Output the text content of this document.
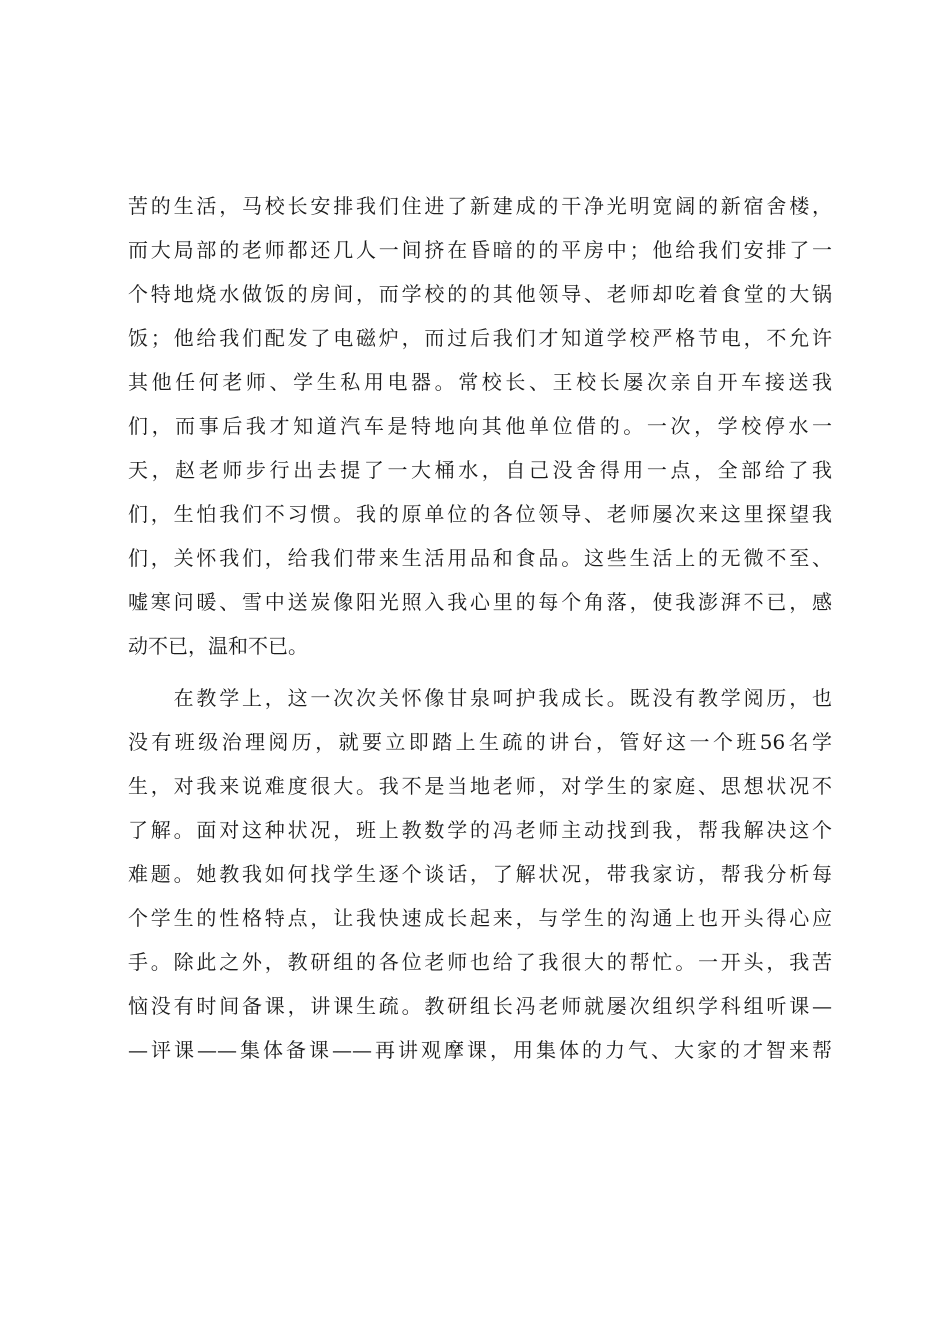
苦的生活，马校长安排我们住进了新建成的干净光明宽阔的新宿舍楼，
而大局部的老师都还几人一间挤在昏暗的的平房中；他给我们安排了一
个特地烧水做饭的房间，而学校的的其他领导、老师却吃着食堂的大锅
饭；他给我们配发了电磁炉，而过后我们才知道学校严格节电，不允许
其他任何老师、学生私用电器。常校长、王校长屡次亲自开车接送我
们，而事后我才知道汽车是特地向其他单位借的。一次，学校停水一
天，赵老师步行出去提了一大桶水，自己没舍得用一点，全部给了我
们，生怕我们不习惯。我的原单位的各位领导、老师屡次来这里探望我
们，关怀我们，给我们带来生活用品和食品。这些生活上的无微不至、
嘘寒问暖、雪中送炭像阳光照入我心里的每个角落，使我澎湃不已，感
动不已，温和不已。
　　在教学上，这一次次关怀像甘泉呵护我成长。既没有教学阅历，也
没有班级治理阅历，就要立即踏上生疏的讲台，管好这一个班56名学
生，对我来说难度很大。我不是当地老师，对学生的家庭、思想状况不
了解。面对这种状况，班上教数学的冯老师主动找到我，帮我解决这个
难题。她教我如何找学生逐个谈话，了解状况，带我家访，帮我分析每
个学生的性格特点，让我快速成长起来，与学生的沟通上也开头得心应
手。除此之外，教研组的各位老师也给了我很大的帮忙。一开头，我苦
恼没有时间备课，讲课生疏。教研组长冯老师就屡次组织学科组听课—
—评课——集体备课——再讲观摩课，用集体的力气、大家的才智来帮
